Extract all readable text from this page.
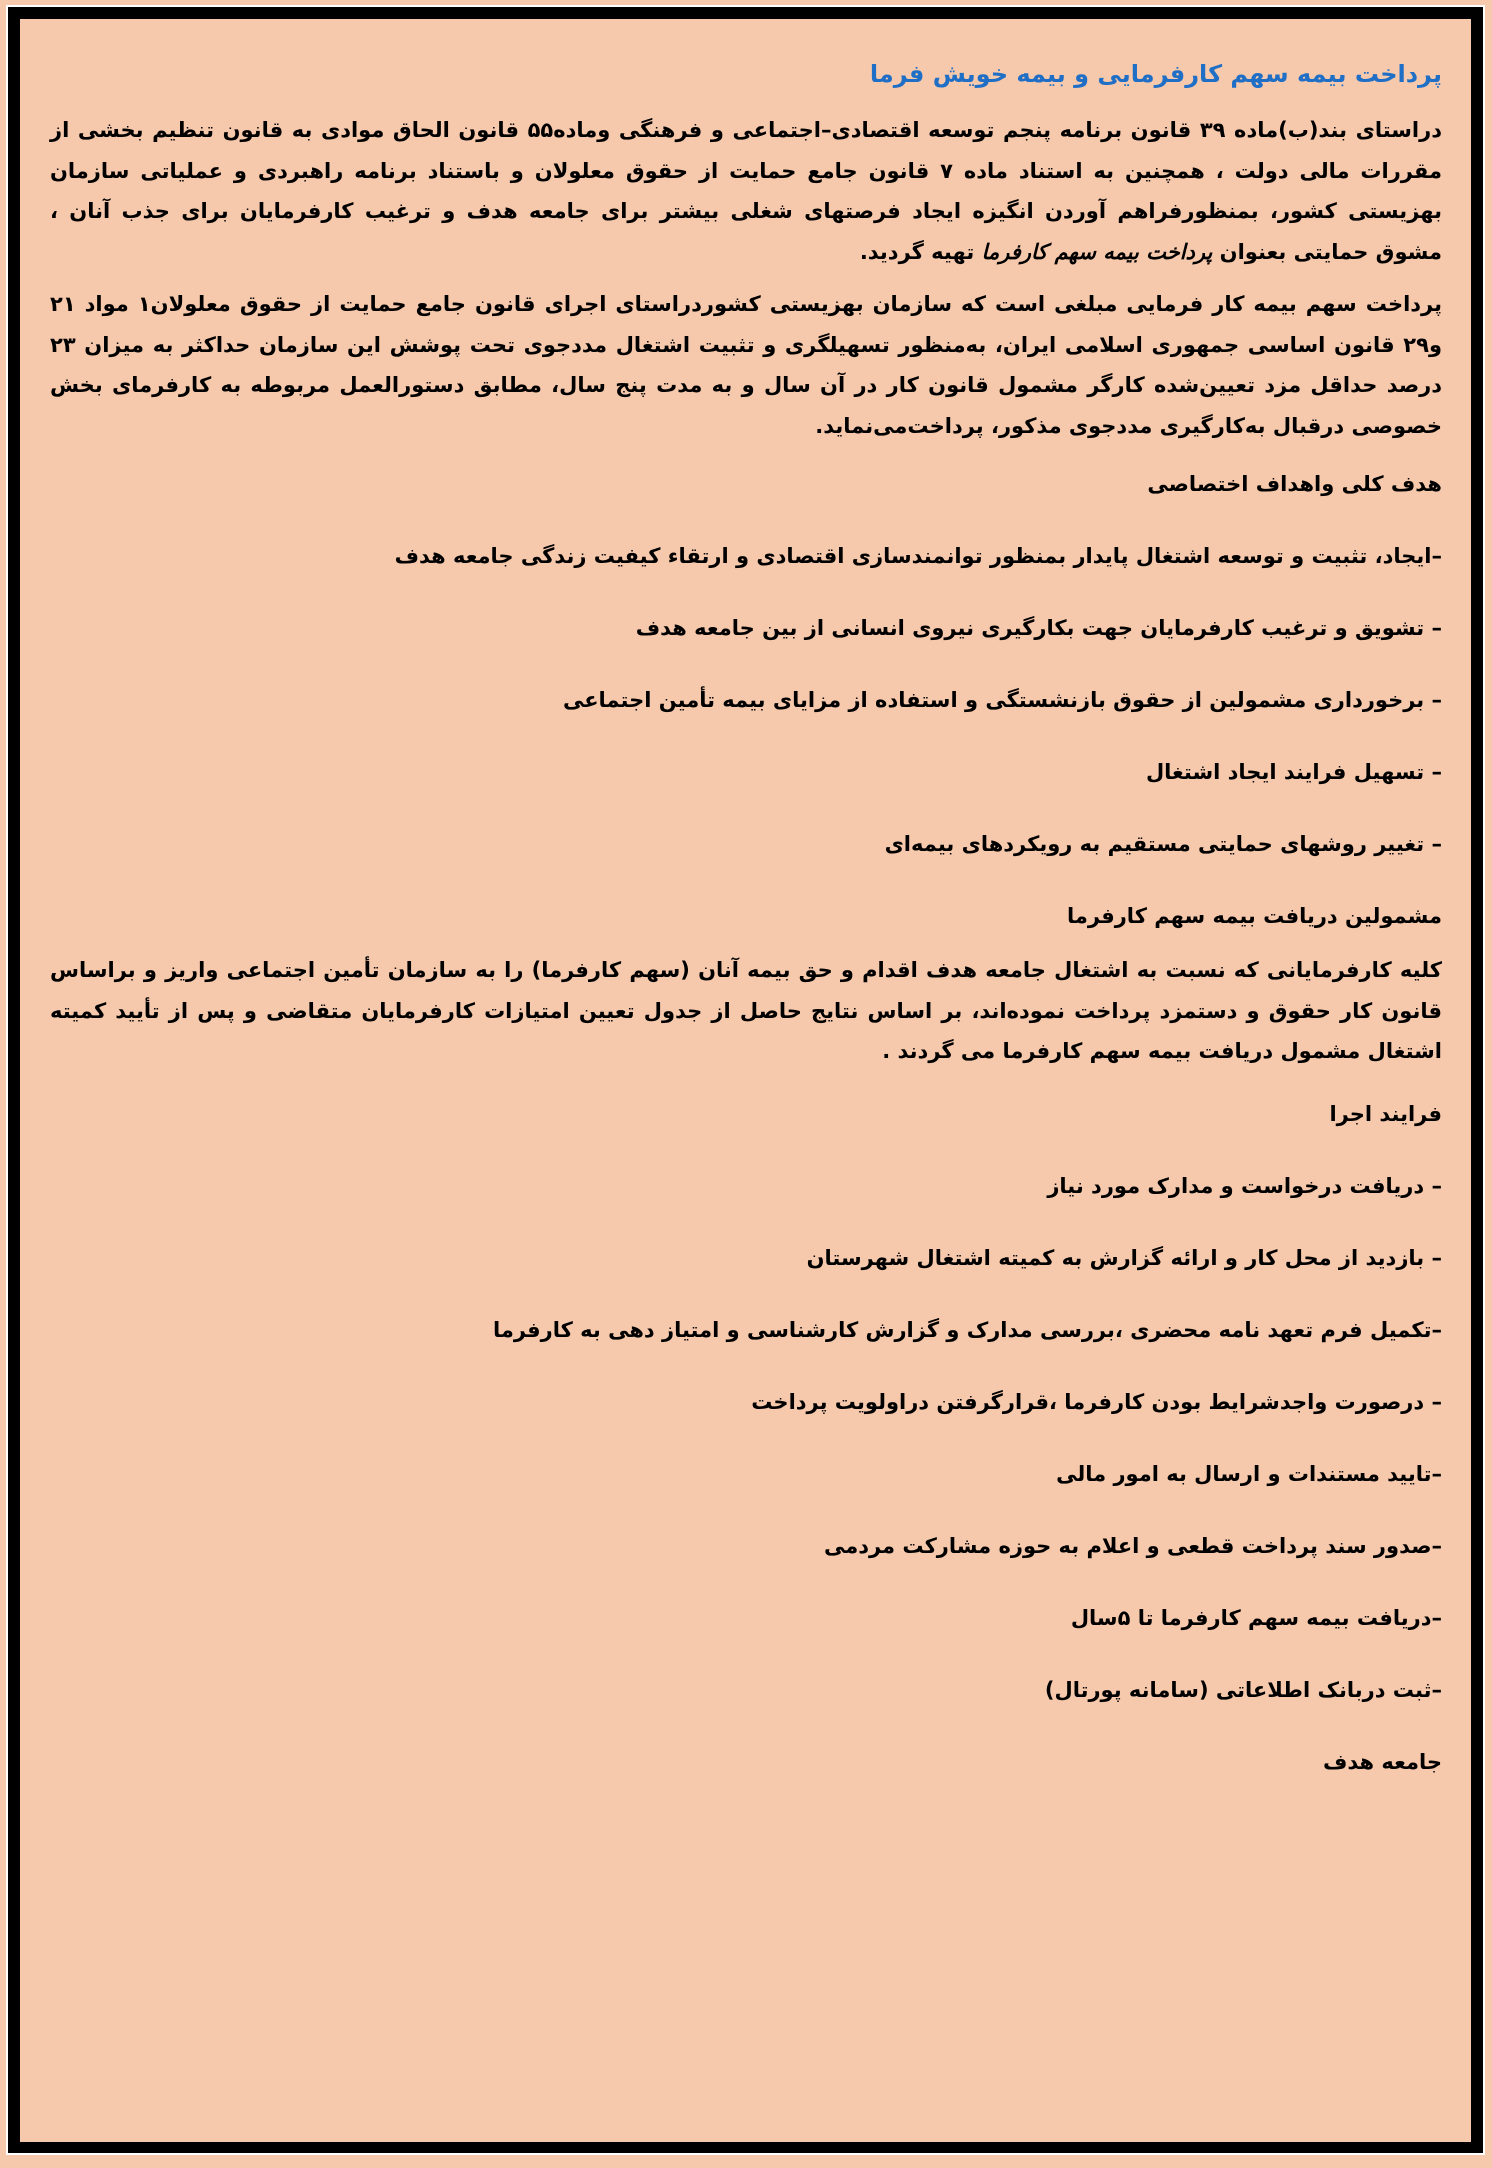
پرداخت بیمه سهم کارفرمایی و بیمه خویش فرما

دراستای بند(ب)ماده ۳۹ قانون برنامه پنجم توسعه اقتصادی–اجتماعی و فرهنگی وماده۵۵ قانون الحاق موادی به قانون تنظیم بخشی از مقررات مالی دولت ، همچنین به استناد ماده ۷ قانون جامع حمایت از حقوق معلولان و باستناد برنامه راهبردی و عملیاتی سازمان بهزیستی کشور، بمنظورفراهم آوردن انگیزه ایجاد فرصتهای شغلی بیشتر برای جامعه هدف و ترغیب کارفرمایان برای جذب آنان ، مشوق حمایتی بعنوان پرداخت بیمه سهم کارفرما تهیه گردید.

پرداخت سهم بیمه کار فرمایی مبلغی است که سازمان بهزیستی کشوردراستای اجرای قانون جامع حمایت از حقوق معلولان۱ مواد ۲۱ و۲۹ قانون اساسی جمهوری اسلامی ایران، به‌منظور تسهیلگری و تثبیت اشتغال مددجوی تحت پوشش این سازمان حداکثر به میزان ۲۳ درصد حداقل مزد تعیین‌شده کارگر مشمول قانون کار در آن سال و به مدت پنج سال، مطابق دستورالعمل مربوطه به کارفرمای بخش خصوصی درقبال به‌کارگیری مددجوی مذکور، پرداخت‌می‌نماید.

هدف کلی واهداف اختصاصی
–ایجاد، تثبیت و توسعه اشتغال پایدار بمنظور توانمندسازی اقتصادی و ارتقاء کیفیت زندگی جامعه هدف
– تشویق و ترغیب کارفرمایان جهت بکارگیری نیروی انسانی از بین جامعه هدف
– برخورداری مشمولین از حقوق بازنشستگی و استفاده از مزایای بیمه تأمین اجتماعی
– تسهیل فرایند ایجاد اشتغال
– تغییر روشهای حمایتی مستقیم به رویکردهای بیمه‌ای
مشمولین دریافت بیمه سهم کارفرما

کلیه کارفرمایانی که نسبت به اشتغال جامعه هدف اقدام و حق بیمه آنان (سهم کارفرما) را به سازمان تأمین اجتماعی واریز و براساس قانون کار حقوق و دستمزد پرداخت نموده‌اند، بر اساس نتایج حاصل از جدول تعیین امتیازات کارفرمایان متقاضی و پس از تأیید کمیته اشتغال مشمول دریافت بیمه سهم کارفرما می گردند .

فرایند اجرا
– دریافت درخواست و مدارک مورد نیاز
– بازدید از محل کار و ارائه گزارش به کمیته اشتغال شهرستان
–تکمیل فرم تعهد نامه محضری ،بررسی مدارک و گزارش کارشناسی و امتیاز دهی به کارفرما
– درصورت واجدشرایط بودن کارفرما ،قرارگرفتن دراولویت پرداخت
–تایید مستندات و ارسال به امور مالی
–صدور سند پرداخت قطعی و اعلام به حوزه مشارکت مردمی
–دریافت بیمه سهم کارفرما تا ۵سال
–ثبت دربانک اطلاعاتی (سامانه پورتال)
جامعه هدف
